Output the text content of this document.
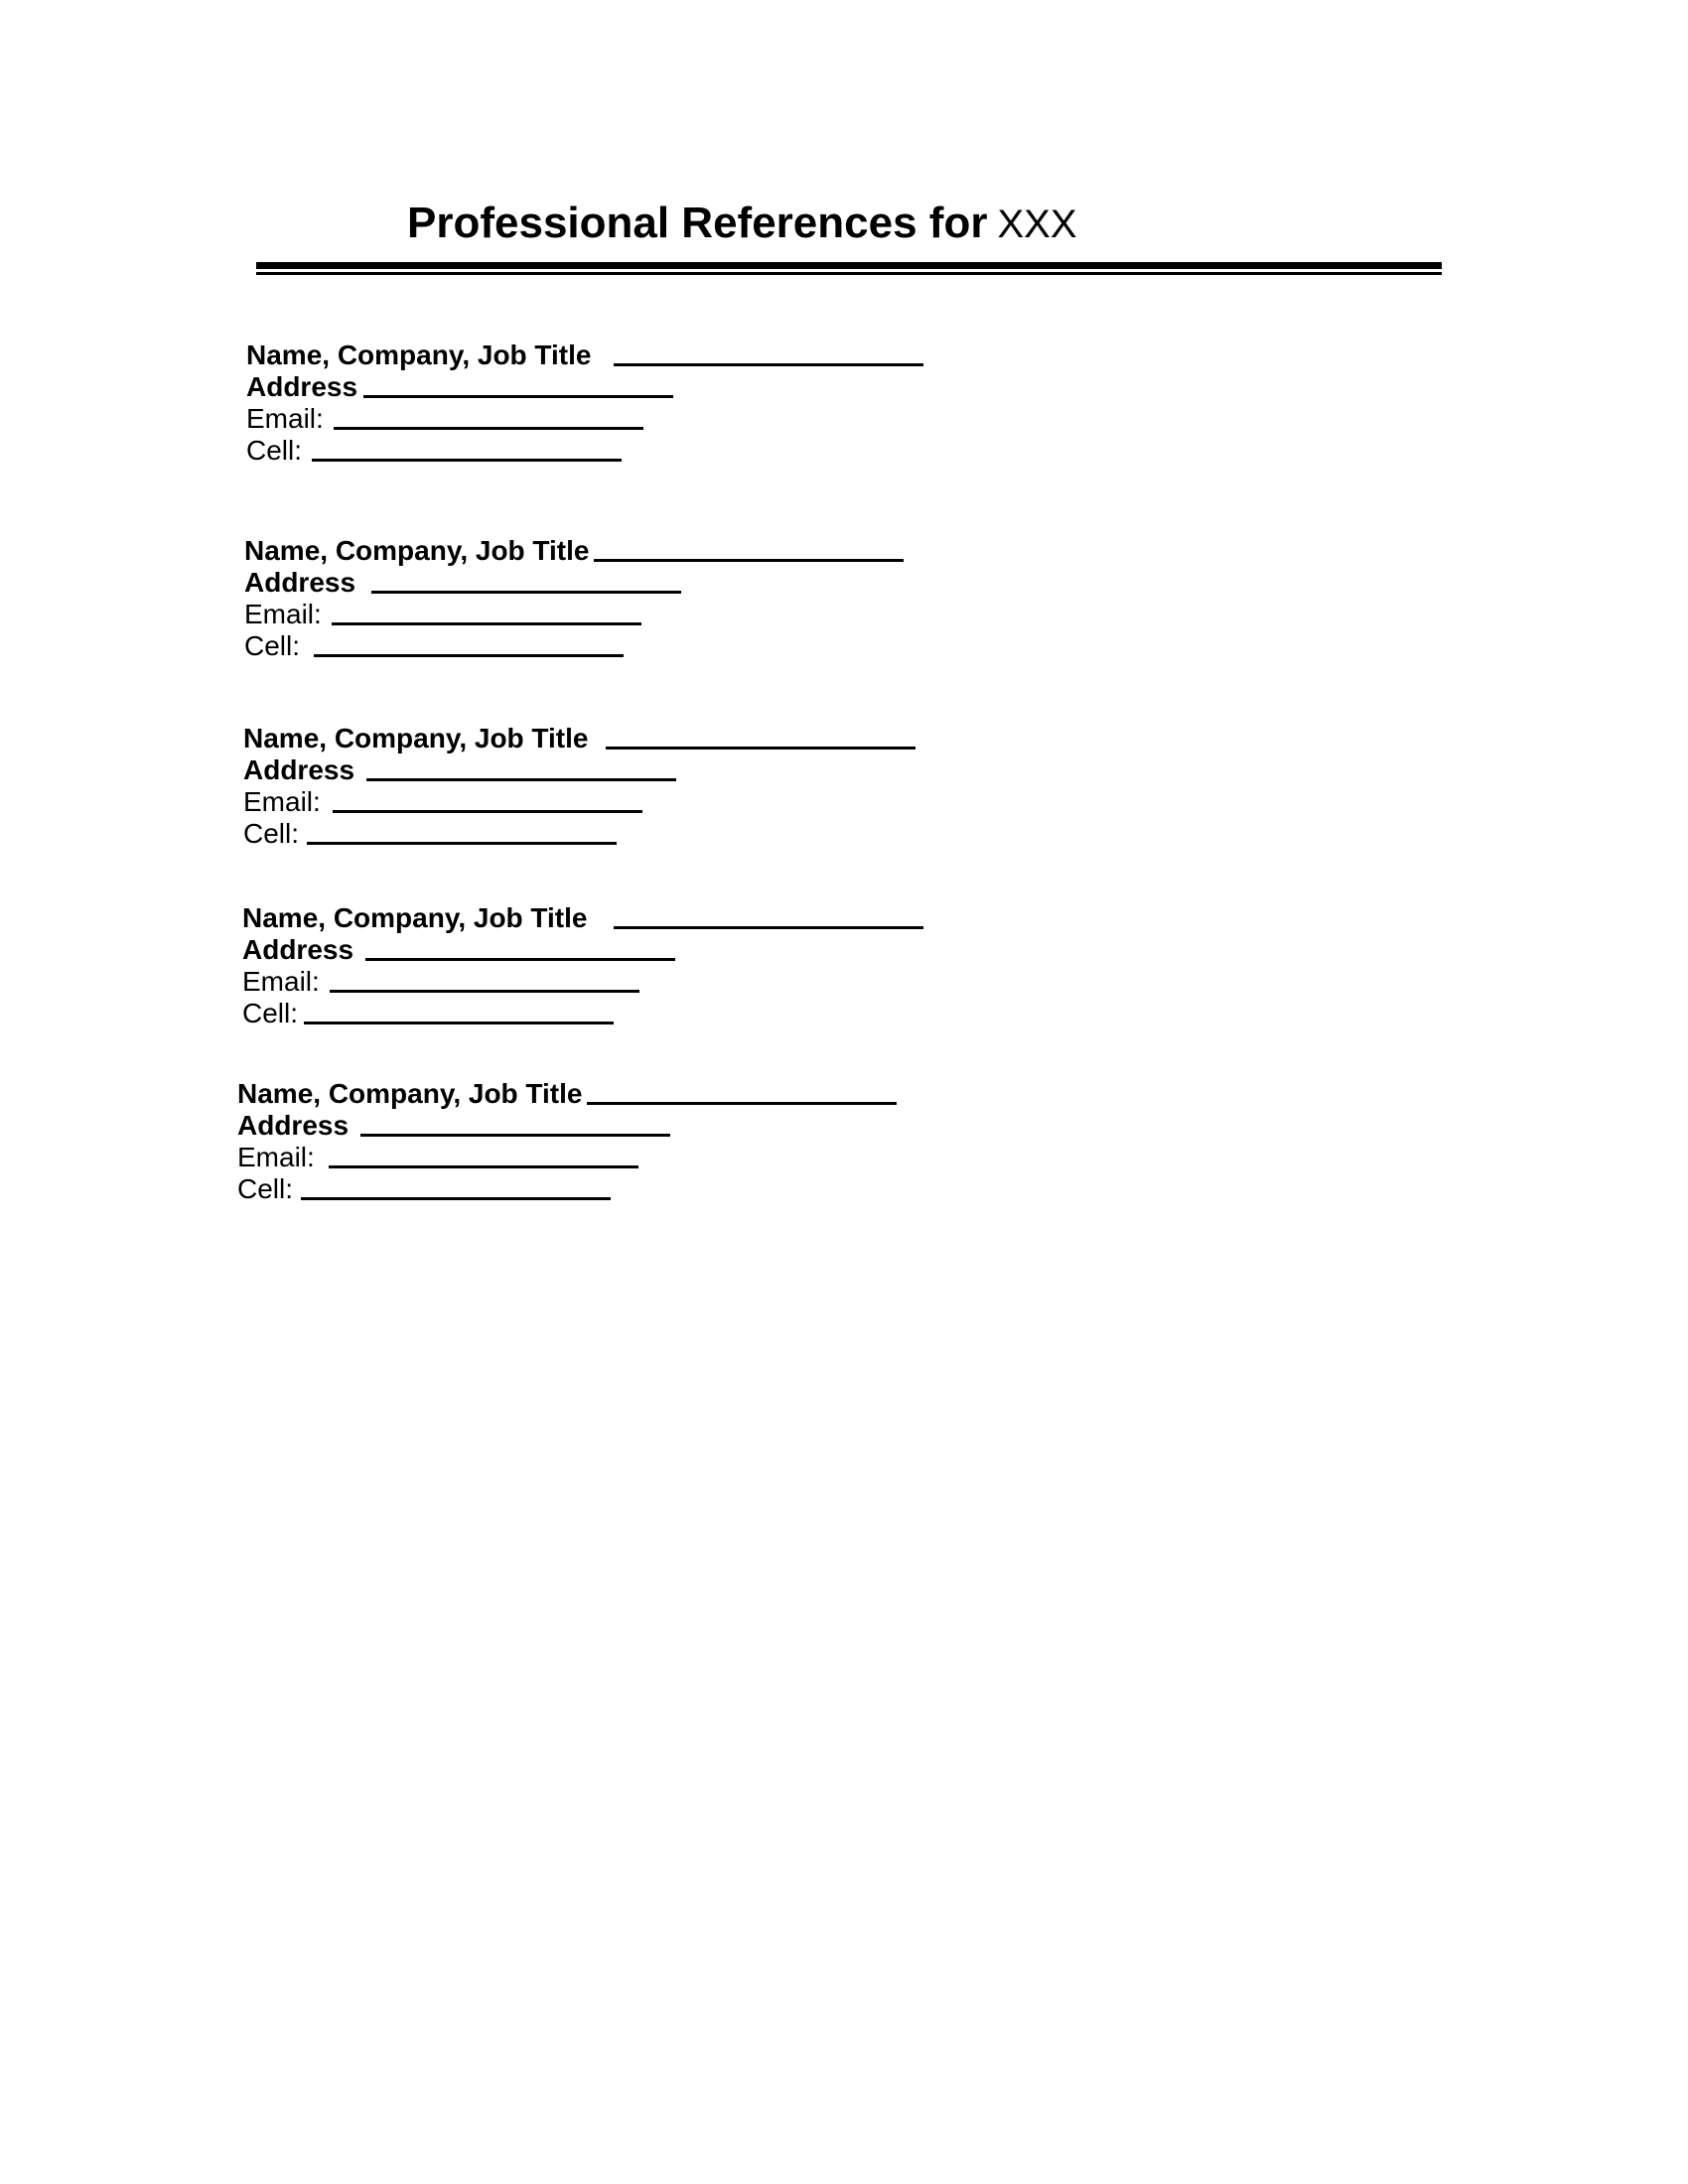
Professional References for XXX
Name, Company, Job Title
Address
Email:
Cell:
Name, Company, Job Title
Address
Email:
Cell:
Name, Company, Job Title
Address
Email:
Cell:
Name, Company, Job Title
Address
Email:
Cell:
Name, Company, Job Title
Address
Email:
Cell:
